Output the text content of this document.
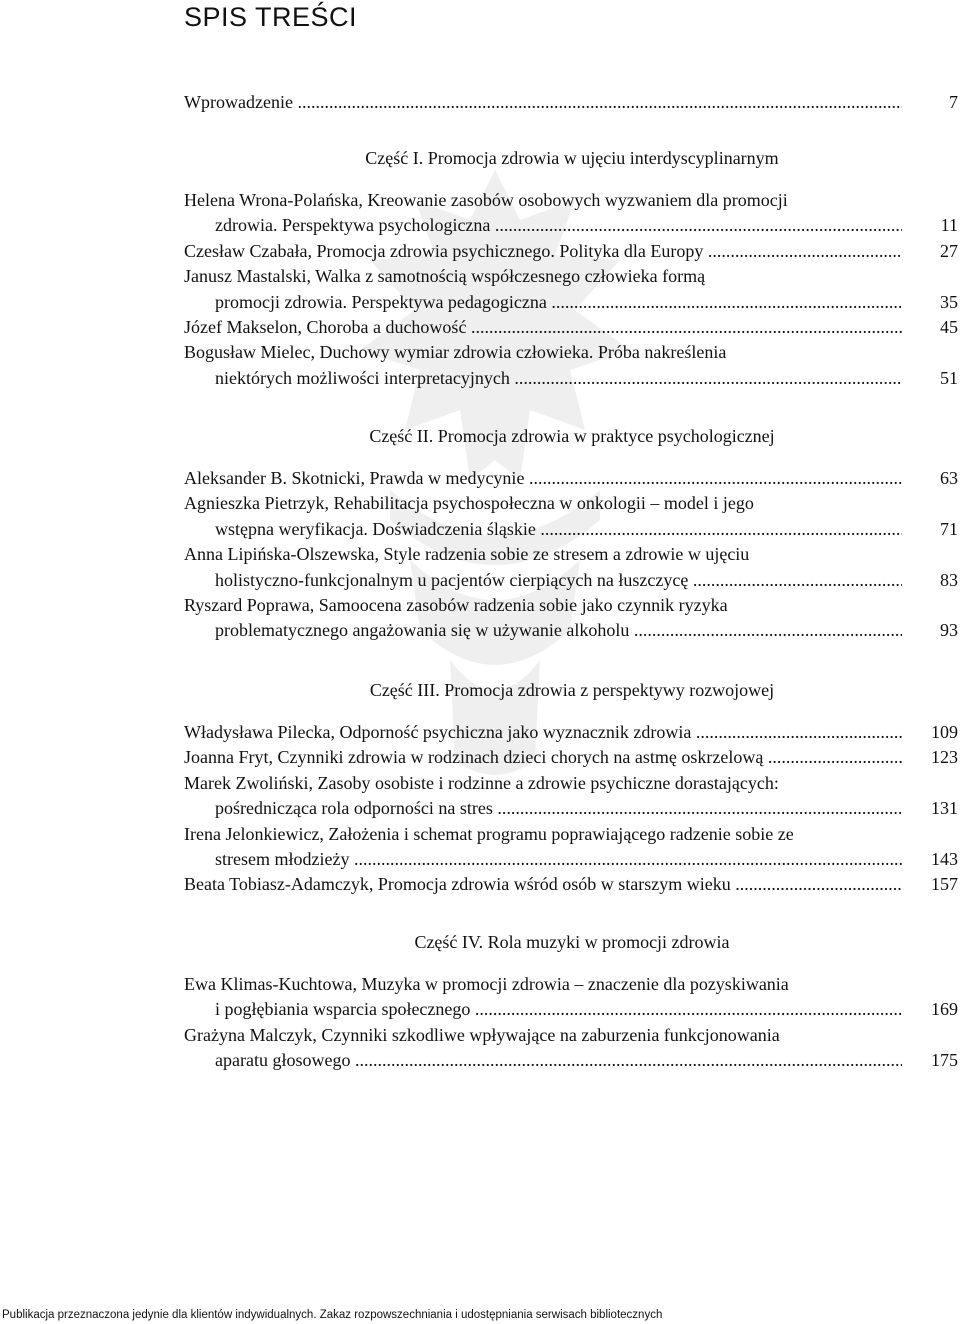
SPIS TREŚCI
Wprowadzenie .....	7
Część I. Promocja zdrowia w ujęciu interdyscyplinarnym
Helena Wrona-Polańska, Kreowanie zasobów osobowych wyzwaniem dla promocji
zdrowia. Perspektywa psychologiczna .....	11
Czesław Czabała, Promocja zdrowia psychicznego. Polityka dla Europy .....	27
Janusz Mastalski, Walka z samotnością współczesnego człowieka formą
promocji zdrowia. Perspektywa pedagogiczna .....	35
Józef Makselon, Choroba a duchowość .....	45
Bogusław Mielec, Duchowy wymiar zdrowia człowieka. Próba nakreślenia
niektórych możliwości interpretacyjnych .....	51
Część II. Promocja zdrowia w praktyce psychologicznej
Aleksander B. Skotnicki, Prawda w medycynie .....	63
Agnieszka Pietrzyk, Rehabilitacja psychospołeczna w onkologii – model i jego
wstępna weryfikacja. Doświadczenia śląskie .....	71
Anna Lipińska-Olszewska, Style radzenia sobie ze stresem a zdrowie w ujęciu
holistyczno-funkcjonalnym u pacjentów cierpiących na łuszczycę .....	83
Ryszard Poprawa, Samoocena zasobów radzenia sobie jako czynnik ryzyka
problematycznego angażowania się w używanie alkoholu .....	93
Część III. Promocja zdrowia z perspektywy rozwojowej
Władysława Pilecka, Odporność psychiczna jako wyznacznik zdrowia .....	109
Joanna Fryt, Czynniki zdrowia w rodzinach dzieci chorych na astmę oskrzelową .....	123
Marek Zwoliński, Zasoby osobiste i rodzinne a zdrowie psychiczne dorastających:
pośrednicząca rola odporności na stres .....	131
Irena Jelonkiewicz, Założenia i schemat programu poprawiającego radzenie sobie ze
stresem młodzieży .....	143
Beata Tobiasz-Adamczyk, Promocja zdrowia wśród osób w starszym wieku .....	157
Część IV. Rola muzyki w promocji zdrowia
Ewa Klimas-Kuchtowa, Muzyka w promocji zdrowia – znaczenie dla pozyskiwania
i pogłębiania wsparcia społecznego .....	169
Grażyna Malczyk, Czynniki szkodliwe wpływające na zaburzenia funkcjonowania
aparatu głosowego .....	175
Publikacja przeznaczona jedynie dla klientów indywidualnych. Zakaz rozpowszechniania i udostępniania serwisach bibliotecznych
